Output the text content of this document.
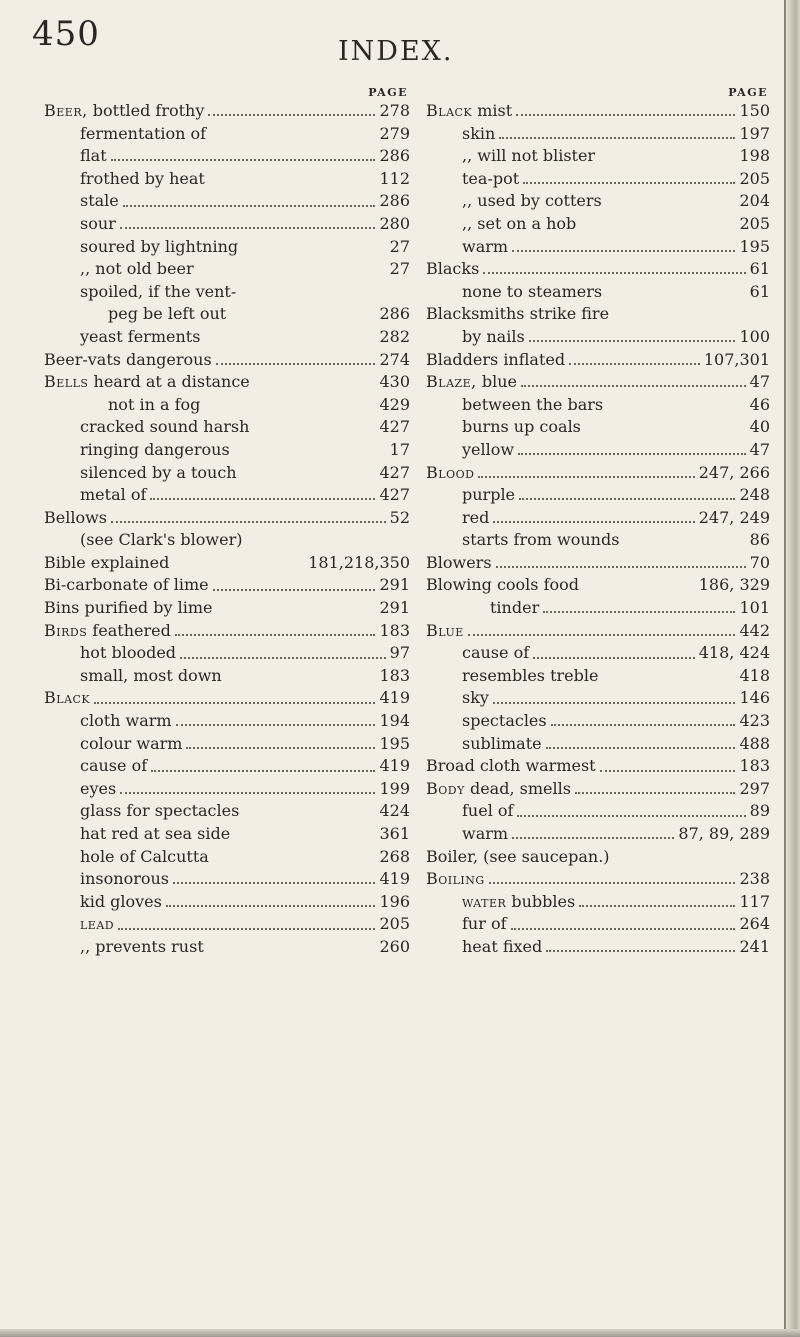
450	INDEX.
PAGE
Beer, bottled frothy	278
fermentation of	279
flat	286
frothed by heat	112
stale	286
sour	280
soured by lightning	27
,, not old beer	27
spoiled, if the vent-
peg be left out	286
yeast ferments	282
Beer-vats dangerous	274
Bells heard at a distance	430
not in a fog	429
cracked sound harsh	427
ringing dangerous	17
silenced by a touch	427
metal of	427
Bellows	52
(see Clark's blower)
Bible explained	181,218,350
Bi-carbonate of lime	291
Bins purified by lime	291
Birds feathered	183
hot blooded	97
small, most down	183
Black	419
cloth warm	194
colour warm	195
cause of	419
eyes	199
glass for spectacles	424
hat red at sea side	361
hole of Calcutta	268
insonorous	419
kid gloves	196
lead	205
,, prevents rust	260
PAGE
Black mist	150
skin	197
,, will not blister	198
tea-pot	205
,, used by cotters	204
,, set on a hob	205
warm	195
Blacks	61
none to steamers	61
Blacksmiths strike fire
by nails	100
Bladders inflated	107,301
Blaze, blue	47
between the bars	46
burns up coals	40
yellow	47
Blood	247, 266
purple	248
red	247, 249
starts from wounds	86
Blowers	70
Blowing cools food	186, 329
tinder	101
Blue	442
cause of	418, 424
resembles treble	418
sky	146
spectacles	423
sublimate	488
Broad cloth warmest	183
Body dead, smells	297
fuel of	89
warm	87, 89, 289
Boiler, (see saucepan.)
Boiling	238
water bubbles	117
fur of	264
heat fixed	241
